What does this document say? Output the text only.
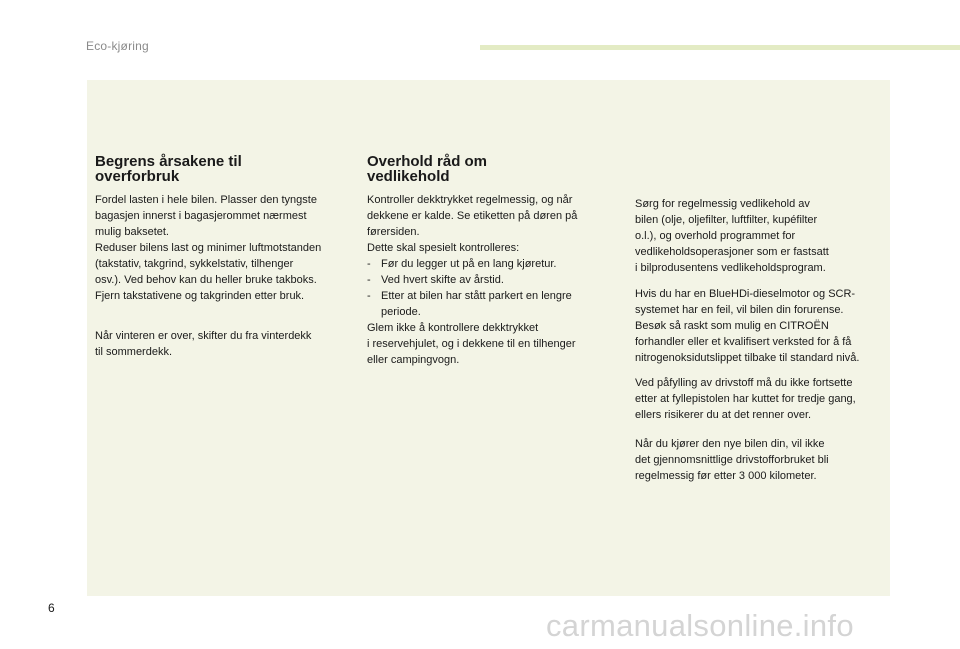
Eco-kjøring
Begrens årsakene til
overforbruk
Fordel lasten i hele bilen. Plasser den tyngste
bagasjen innerst i bagasjerommet nærmest
mulig baksetet.
Reduser bilens last og minimer luftmotstanden
(takstativ, takgrind, sykkelstativ, tilhenger
osv.). Ved behov kan du heller bruke takboks.
Fjern takstativene og takgrinden etter bruk.
Når vinteren er over, skifter du fra vinterdekk
til sommerdekk.
Overhold råd om
vedlikehold
Kontroller dekktrykket regelmessig, og når
dekkene er kalde. Se etiketten på døren på
førersiden.
Dette skal spesielt kontrolleres:
- Før du legger ut på en lang kjøretur.
- Ved hvert skifte av årstid.
- Etter at bilen har stått parkert en lengre
periode.
Glem ikke å kontrollere dekktrykket
i reservehjulet, og i dekkene til en tilhenger
eller campingvogn.
Sørg for regelmessig vedlikehold av
bilen (olje, oljefilter, luftfilter, kupéfilter
o.l.), og overhold programmet for
vedlikeholdsoperasjoner som er fastsatt
i bilprodusentens vedlikeholdsprogram.
Hvis du har en BlueHDi-dieselmotor og SCR-
systemet har en feil, vil bilen din forurense.
Besøk så raskt som mulig en CITROËN
forhandler eller et kvalifisert verksted for å få
nitrogenoksidutslippet tilbake til standard nivå.
Ved påfylling av drivstoff må du ikke fortsette
etter at fyllepistolen har kuttet for tredje gang,
ellers risikerer du at det renner over.
Når du kjører den nye bilen din, vil ikke
det gjennomsnittlige drivstofforbruket bli
regelmessig før etter 3 000 kilometer.
6	carmanualsonline.info
